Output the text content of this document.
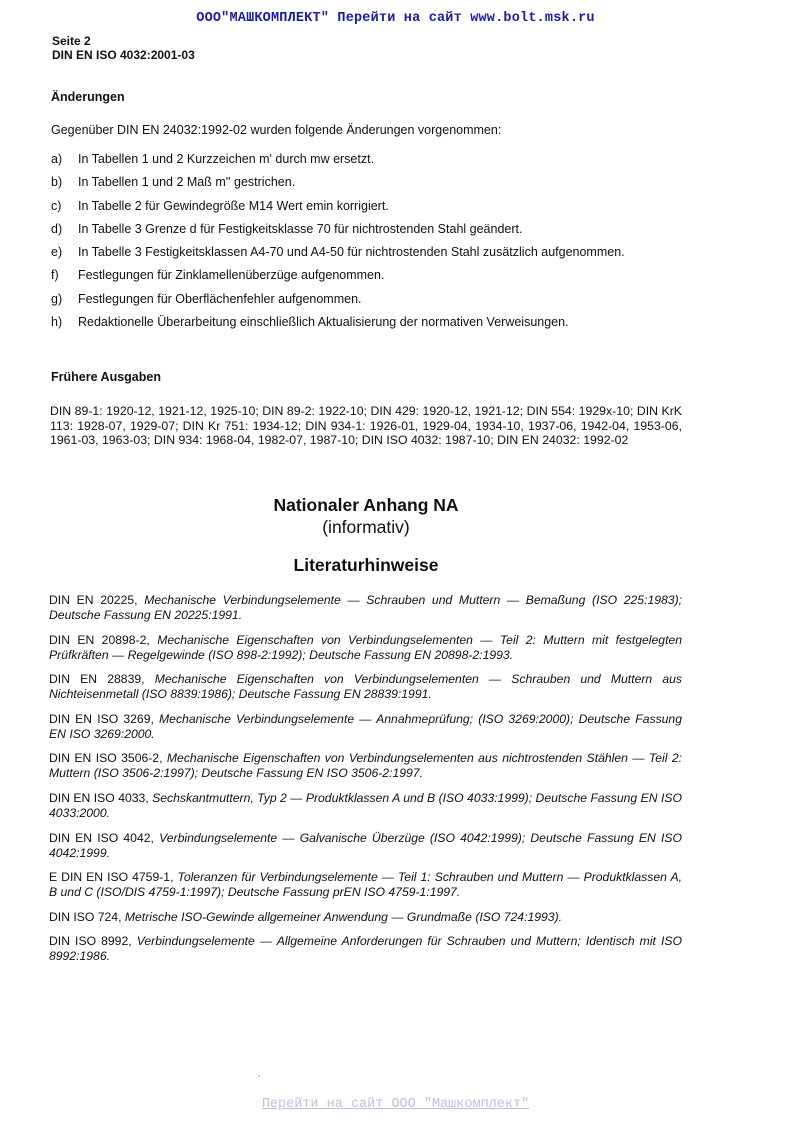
ООО"МАШКОМПЛЕКТ" Перейти на сайт www.bolt.msk.ru
Seite 2
DIN EN ISO 4032:2001-03
Änderungen
Gegenüber DIN EN 24032:1992-02 wurden folgende Änderungen vorgenommen:
a)	In Tabellen 1 und 2 Kurzzeichen m' durch mw ersetzt.
b)	In Tabellen 1 und 2 Maß m'' gestrichen.
c)	In Tabelle 2 für Gewindegröße M14 Wert emin korrigiert.
d)	In Tabelle 3 Grenze d für Festigkeitsklasse 70 für nichtrostenden Stahl geändert.
e)	In Tabelle 3 Festigkeitsklassen A4-70 und A4-50 für nichtrostenden Stahl zusätzlich aufgenommen.
f)	Festlegungen für Zinklamellenüberzüge aufgenommen.
g)	Festlegungen für Oberflächenfehler aufgenommen.
h)	Redaktionelle Überarbeitung einschließlich Aktualisierung der normativen Verweisungen.
Frühere Ausgaben
DIN 89-1: 1920-12, 1921-12, 1925-10; DIN 89-2: 1922-10; DIN 429: 1920-12, 1921-12; DIN 554: 1929x-10; DIN KrK 113: 1928-07, 1929-07; DIN Kr 751: 1934-12; DIN 934-1: 1926-01, 1929-04, 1934-10, 1937-06, 1942-04, 1953-06, 1961-03, 1963-03; DIN 934: 1968-04, 1982-07, 1987-10; DIN ISO 4032: 1987-10; DIN EN 24032: 1992-02
Nationaler Anhang NA
(informativ)
Literaturhinweise
DIN EN 20225, Mechanische Verbindungselemente — Schrauben und Muttern — Bemaßung (ISO 225:1983); Deutsche Fassung EN 20225:1991.
DIN EN 20898-2, Mechanische Eigenschaften von Verbindungselementen — Teil 2: Muttern mit festgelegten Prüfkräften — Regelgewinde (ISO 898-2:1992); Deutsche Fassung EN 20898-2:1993.
DIN EN 28839, Mechanische Eigenschaften von Verbindungselementen — Schrauben und Muttern aus Nichteisenmetall (ISO 8839:1986); Deutsche Fassung EN 28839:1991.
DIN EN ISO 3269, Mechanische Verbindungselemente — Annahmeprüfung; (ISO 3269:2000); Deutsche Fassung EN ISO 3269:2000.
DIN EN ISO 3506-2, Mechanische Eigenschaften von Verbindungselementen aus nichtrostenden Stählen — Teil 2: Muttern (ISO 3506-2:1997); Deutsche Fassung EN ISO 3506-2:1997.
DIN EN ISO 4033, Sechskantmuttern, Typ 2 — Produktklassen A und B (ISO 4033:1999); Deutsche Fassung EN ISO 4033:2000.
DIN EN ISO 4042, Verbindungselemente — Galvanische Überzüge (ISO 4042:1999); Deutsche Fassung EN ISO 4042:1999.
E DIN EN ISO 4759-1, Toleranzen für Verbindungselemente — Teil 1: Schrauben und Muttern — Produktklassen A, B und C (ISO/DIS 4759-1:1997); Deutsche Fassung prEN ISO 4759-1:1997.
DIN ISO 724, Metrische ISO-Gewinde allgemeiner Anwendung — Grundmaße (ISO 724:1993).
DIN ISO 8992, Verbindungselemente — Allgemeine Anforderungen für Schrauben und Muttern; Identisch mit ISO 8992:1986.
Перейти на сайт ООО "Машкомплект"
